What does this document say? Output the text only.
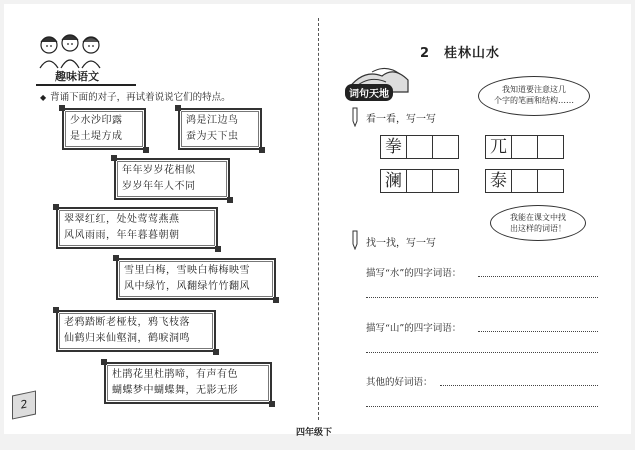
趣味语文
◆ 背诵下面的对子，再试着说说它们的特点。
少水沙印露
是土堤方成
鸿是江边鸟
蚕为天下虫
年年岁岁花相似
岁岁年年人不同
翠翠红红，处处莺莺燕燕
风风雨雨，年年暮暮朝朝
雪里白梅，雪映白梅梅映雪
风中绿竹，风翻绿竹竹翻风
老鸦踏断老桠枝，鸦飞枝落
仙鹤归来仙壑洞，鹤唳洞鸣
杜鹃花里杜鹃啼，有声有色
蝴蝶梦中蝴蝶舞，无影无形
2
2　桂林山水
词句天地	我知道要注意这几
个字的笔画和结构……
看一看，写一写
拳	兀
澜	泰
我能在课文中找
出这样的词语！
找一找，写一写
描写“水”的四字词语：
描写“山”的四字词语：
其他的好词语：
四年级下
